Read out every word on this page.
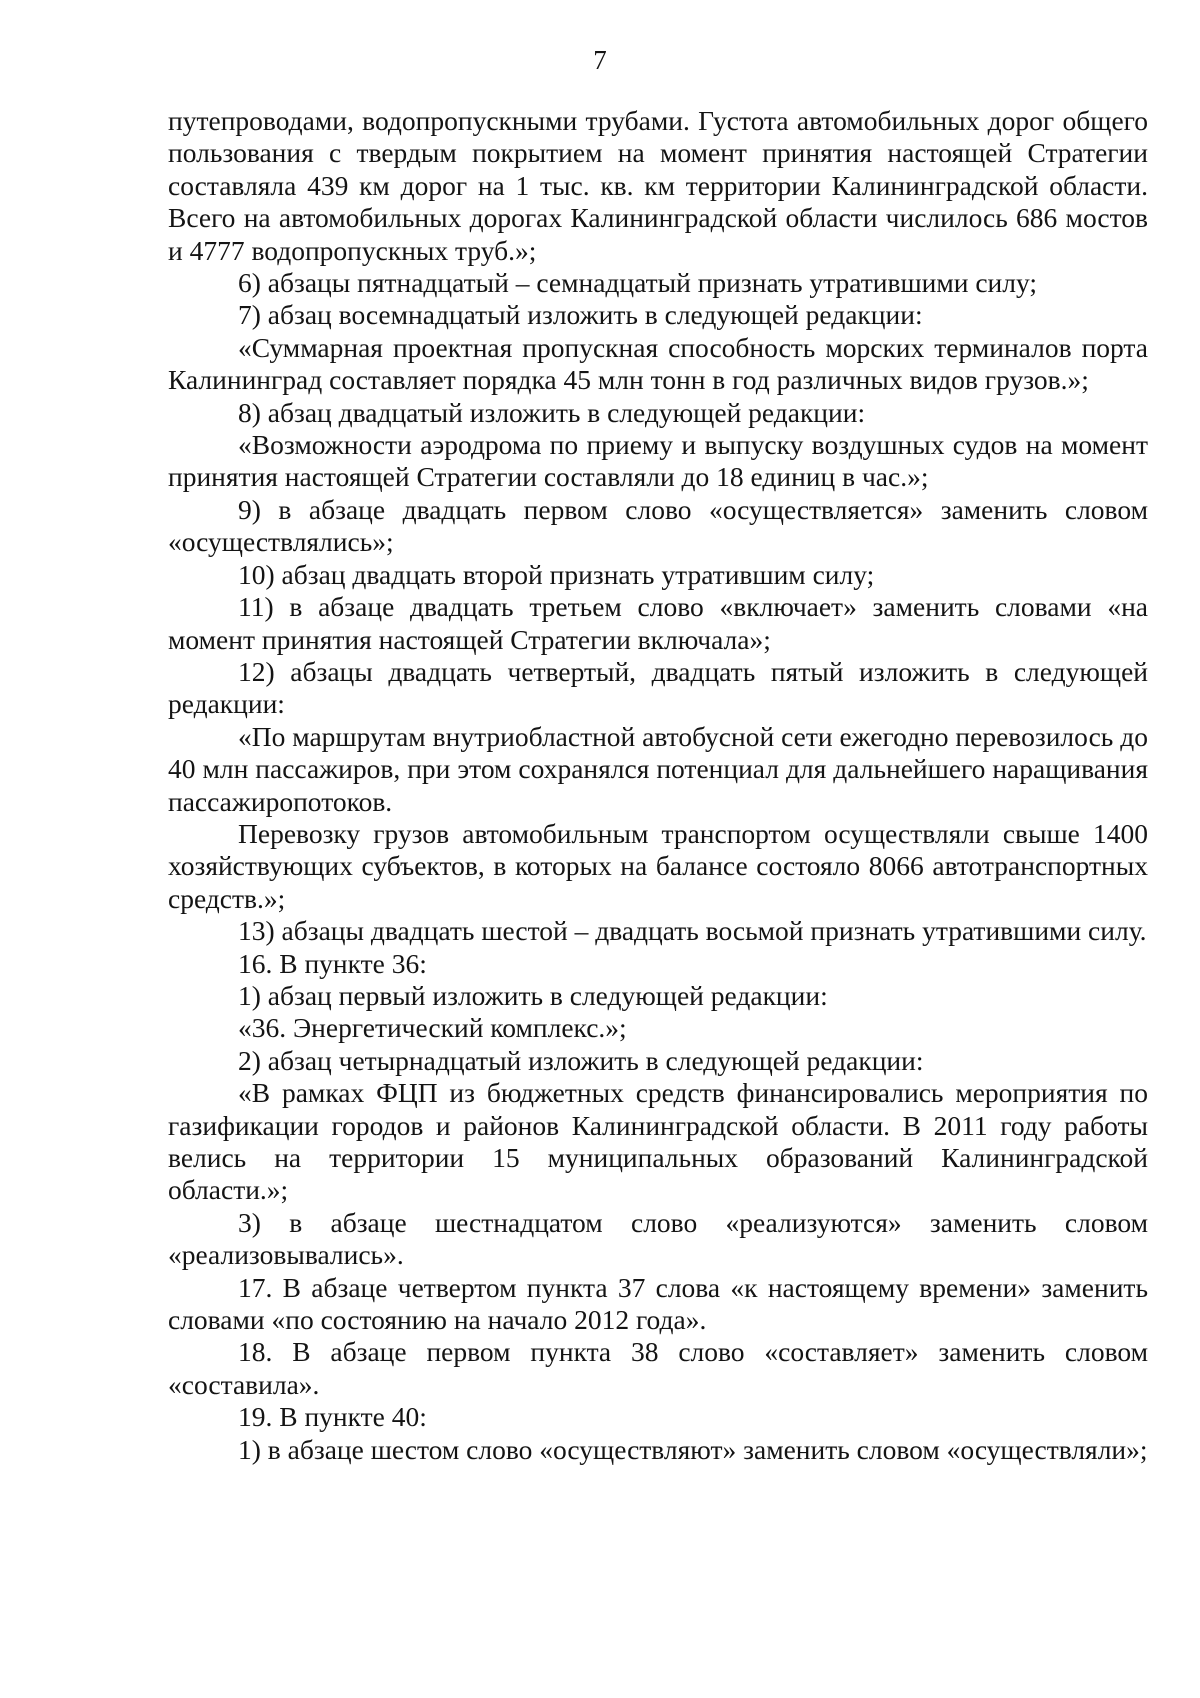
7

путепроводами, водопропускными трубами. Густота автомобильных дорог общего пользования с твердым покрытием на момент принятия настоящей Стратегии составляла 439 км дорог на 1 тыс. кв. км территории Калининградской области. Всего на автомобильных дорогах Калининградской области числилось 686 мостов и 4777 водопропускных труб.»;

6) абзацы пятнадцатый – семнадцатый признать утратившими силу;

7) абзац восемнадцатый изложить в следующей редакции:

«Суммарная проектная пропускная способность морских терминалов порта Калининград составляет порядка 45 млн тонн в год различных видов грузов.»;

8) абзац двадцатый изложить в следующей редакции:

«Возможности аэродрома по приему и выпуску воздушных судов на момент принятия настоящей Стратегии составляли до 18 единиц в час.»;

9) в абзаце двадцать первом слово «осуществляется» заменить словом «осуществлялись»;

10) абзац двадцать второй признать утратившим силу;

11) в абзаце двадцать третьем слово «включает» заменить словами «на момент принятия настоящей Стратегии включала»;

12) абзацы двадцать четвертый, двадцать пятый изложить в следующей редакции:

«По маршрутам внутриобластной автобусной сети ежегодно перевозилось до 40 млн пассажиров, при этом сохранялся потенциал для дальнейшего наращивания пассажиропотоков.

Перевозку грузов автомобильным транспортом осуществляли свыше 1400 хозяйствующих субъектов, в которых на балансе состояло 8066 автотранспортных средств.»;

13) абзацы двадцать шестой – двадцать восьмой признать утратившими силу.

16. В пункте 36:

1) абзац первый изложить в следующей редакции:

«36. Энергетический комплекс.»;

2) абзац четырнадцатый изложить в следующей редакции:

«В рамках ФЦП из бюджетных средств финансировались мероприятия по газификации городов и районов Калининградской области. В 2011 году работы велись на территории 15 муниципальных образований Калининградской области.»;

3) в абзаце шестнадцатом слово «реализуются» заменить словом «реализовывались».

17. В абзаце четвертом пункта 37 слова «к настоящему времени» заменить словами «по состоянию на начало 2012 года».

18. В абзаце первом пункта 38 слово «составляет» заменить словом «составила».

19. В пункте 40:

1) в абзаце шестом слово «осуществляют» заменить словом «осуществляли»;
